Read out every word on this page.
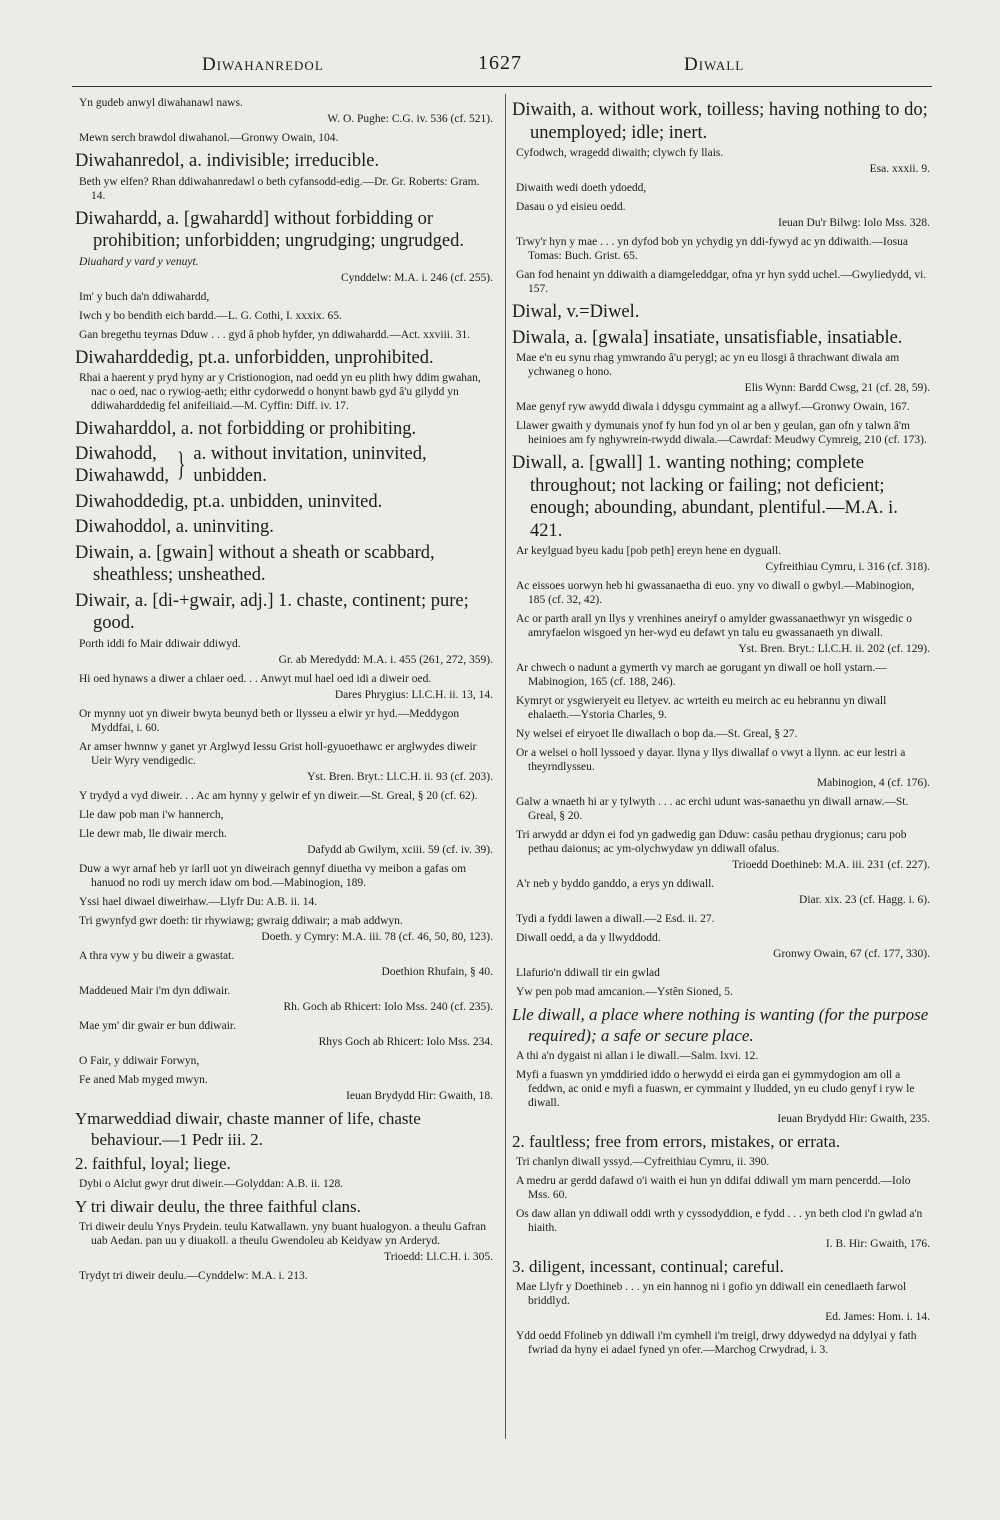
Diwahanredol	1627	Diwall

Yn gudeb anwyl diwahanawl naws.

W. O. Pughe: C.G. iv. 536 (cf. 521).

Mewn serch brawdol diwahanol.—Gronwy Owain, 104.

Diwahanredol, a. indivisible; irreducible.

Beth yw elfen? Rhan ddiwahanredawl o beth cyfansodd-edig.—Dr. Gr. Roberts: Gram. 14.

Diwahardd, a. [gwahardd] without forbidding or prohibition; unforbidden; ungrudging; ungrudged.

Diuahard y vard y venuyt.

Cynddelw: M.A. i. 246 (cf. 255).

Im' y buch da'n ddiwahardd,

Iwch y bo bendith eich bardd.—L. G. Cothi, I. xxxix. 65.

Gan bregethu teyrnas Dduw . . . gyd â phob hyfder, yn ddiwahardd.—Act. xxviii. 31.

Diwaharddedig, pt.a. unforbidden, unprohibited.

Rhai a haerent y pryd hyny ar y Cristionogion, nad oedd yn eu plith hwy ddim gwahan, nac o oed, nac o rywiog-aeth; eithr cydorwedd o honynt bawb gyd â'u gilydd yn ddiwaharddedig fel anifeiliaid.—M. Cyffin: Diff. iv. 17.

Diwaharddol, a. not forbidding or prohibiting.

Diwahodd,
Diwahawdd, } a. without invitation, uninvited, unbidden.

Diwahoddedig, pt.a. unbidden, uninvited.

Diwahoddol, a. uninviting.

Diwain, a. [gwain] without a sheath or scabbard, sheathless; unsheathed.

Diwair, a. [di-+gwair, adj.] 1. chaste, continent; pure; good.

Porth iddi fo Mair ddiwair ddiwyd.

Gr. ab Meredydd: M.A. i. 455 (261, 272, 359).

Hi oed hynaws a diwer a chlaer oed. . . Anwyt mul hael oed idi a diweir oed.

Dares Phrygius: Ll.C.H. ii. 13, 14.

Or mynny uot yn diweir bwyta beunyd beth or llysseu a elwir yr hyd.—Meddygon Myddfai, i. 60.

Ar amser hwnnw y ganet yr Arglwyd Iessu Grist holl-gyuoethawc er arglwydes diweir Ueir Wyry vendigedic.

Yst. Bren. Bryt.: Ll.C.H. ii. 93 (cf. 203).

Y trydyd a vyd diweir. . . Ac am hynny y gelwir ef yn diweir.—St. Greal, § 20 (cf. 62).

Lle daw pob man i'w hannerch,

Lle dewr mab, lle diwair merch.

Dafydd ab Gwilym, xciii. 59 (cf. iv. 39).

Duw a wyr arnaf heb yr iarll uot yn diweirach gennyf diuetha vy meibon a gafas om hanuod no rodi uy merch idaw om bod.—Mabinogion, 189.

Yssi hael diwael diweirhaw.—Llyfr Du: A.B. ii. 14.

Tri gwynfyd gwr doeth: tir rhywiawg; gwraig ddiwair; a mab addwyn.

Doeth. y Cymry: M.A. iii. 78 (cf. 46, 50, 80, 123).

A thra vyw y bu diweir a gwastat.

Doethion Rhufain, § 40.

Maddeued Mair i'm dyn ddiwair.

Rh. Goch ab Rhicert: Iolo Mss. 240 (cf. 235).

Mae ym' dir gwair er bun ddiwair.

Rhys Goch ab Rhicert: Iolo Mss. 234.

O Fair, y ddiwair Forwyn,

Fe aned Mab myged mwyn.

Ieuan Brydydd Hir: Gwaith, 18.

Ymarweddiad diwair, chaste manner of life, chaste behaviour.—1 Pedr iii. 2.

2. faithful, loyal; liege.

Dybi o Alclut gwyr drut diweir.—Golyddan: A.B. ii. 128.

Y tri diwair deulu, the three faithful clans.

Tri diweir deulu Ynys Prydein. teulu Katwallawn. yny buant hualogyon. a theulu Gafran uab Aedan. pan uu y diuakoll. a theulu Gwendoleu ab Keidyaw yn Arderyd.

Trioedd: Ll.C.H. i. 305.

Trydyt tri diweir deulu.—Cynddelw: M.A. i. 213.

Diwaith, a. without work, toilless; having nothing to do; unemployed; idle; inert.

Cyfodwch, wragedd diwaith; clywch fy llais.

Esa. xxxii. 9.

Diwaith wedi doeth ydoedd,

Dasau o yd eisieu oedd.

Ieuan Du'r Bilwg: Iolo Mss. 328.

Trwy'r hyn y mae . . . yn dyfod bob yn ychydig yn ddi-fywyd ac yn ddiwaith.—Iosua Tomas: Buch. Grist. 65.

Gan fod henaint yn ddiwaith a diamgeleddgar, ofna yr hyn sydd uchel.—Gwyliedydd, vi. 157.

Diwal, v.=Diwel.

Diwala, a. [gwala] insatiate, unsatisfiable, insatiable.

Mae e'n eu synu rhag ymwrando â'u perygl; ac yn eu llosgi â thrachwant diwala am ychwaneg o hono.

Elis Wynn: Bardd Cwsg, 21 (cf. 28, 59).

Mae genyf ryw awydd diwala i ddysgu cymmaint ag a allwyf.—Gronwy Owain, 167.

Llawer gwaith y dymunais ynof fy hun fod yn ol ar ben y geulan, gan ofn y talwn â'm heinioes am fy nghywrein-rwydd diwala.—Cawrdaf: Meudwy Cymreig, 210 (cf. 173).

Diwall, a. [gwall] 1. wanting nothing; complete throughout; not lacking or failing; not deficient; enough; abounding, abundant, plentiful.—M.A. i. 421.

Ar keylguad byeu kadu [pob peth] ereyn hene en dyguall.

Cyfreithiau Cymru, i. 316 (cf. 318).

Ac eissoes uorwyn heb hi gwassanaetha di euo. yny vo diwall o gwbyl.—Mabinogion, 185 (cf. 32, 42).

Ac or parth arall yn llys y vrenhines aneiryf o amylder gwassanaethwyr yn wisgedic o amryfaelon wisgoed yn her-wyd eu defawt yn talu eu gwassanaeth yn diwall.

Yst. Bren. Bryt.: Ll.C.H. ii. 202 (cf. 129).

Ar chwech o nadunt a gymerth vy march ae gorugant yn diwall oe holl ystarn.—Mabinogion, 165 (cf. 188, 246).

Kymryt or ysgwieryeit eu lletyev. ac wrteith eu meirch ac eu hebrannu yn diwall ehalaeth.—Ystoria Charles, 9.

Ny welsei ef eiryoet lle diwallach o bop da.—St. Greal, § 27.

Or a welsei o holl lyssoed y dayar. llyna y llys diwallaf o vwyt a llynn. ac eur lestri a theyrndlysseu.

Mabinogion, 4 (cf. 176).

Galw a wnaeth hi ar y tylwyth . . . ac erchi udunt was-sanaethu yn diwall arnaw.—St. Greal, § 20.

Tri arwydd ar ddyn ei fod yn gadwedig gan Dduw: casâu pethau drygionus; caru pob pethau daionus; ac ym-olychwydaw yn ddiwall ofalus.

Trioedd Doethineb: M.A. iii. 231 (cf. 227).

A'r neb y byddo ganddo, a erys yn ddiwall.

Diar. xix. 23 (cf. Hagg. i. 6).

Tydi a fyddi lawen a diwall.—2 Esd. ii. 27.

Diwall oedd, a da y llwyddodd.

Gronwy Owain, 67 (cf. 177, 330).

Llafurio'n ddiwall tir ein gwlad

Yw pen pob mad amcanion.—Ystên Sioned, 5.

Lle diwall, a place where nothing is wanting (for the purpose required); a safe or secure place.

A thi a'n dygaist ni allan i le diwall.—Salm. lxvi. 12.

Myfi a fuaswn yn ymddiried iddo o herwydd ei eirda gan ei gymmydogion am oll a feddwn, ac onid e myfi a fuaswn, er cymmaint y lludded, yn eu cludo genyf i ryw le diwall.

Ieuan Brydydd Hir: Gwaith, 235.

2. faultless; free from errors, mistakes, or errata.

Tri chanlyn diwall yssyd.—Cyfreithiau Cymru, ii. 390.

A medru ar gerdd dafawd o'i waith ei hun yn ddifai ddiwall ym marn pencerdd.—Iolo Mss. 60.

Os daw allan yn ddiwall oddi wrth y cyssodyddion, e fydd . . . yn beth clod i'n gwlad a'n hiaith.

I. B. Hir: Gwaith, 176.

3. diligent, incessant, continual; careful.

Mae Llyfr y Doethineb . . . yn ein hannog ni i gofio yn ddiwall ein cenedlaeth farwol briddlyd.

Ed. James: Hom. i. 14.

Ydd oedd Ffolineb yn ddiwall i'm cymhell i'm treigl, drwy ddywedyd na ddylyai y fath fwriad da hyny ei adael fyned yn ofer.—Marchog Crwydrad, i. 3.
